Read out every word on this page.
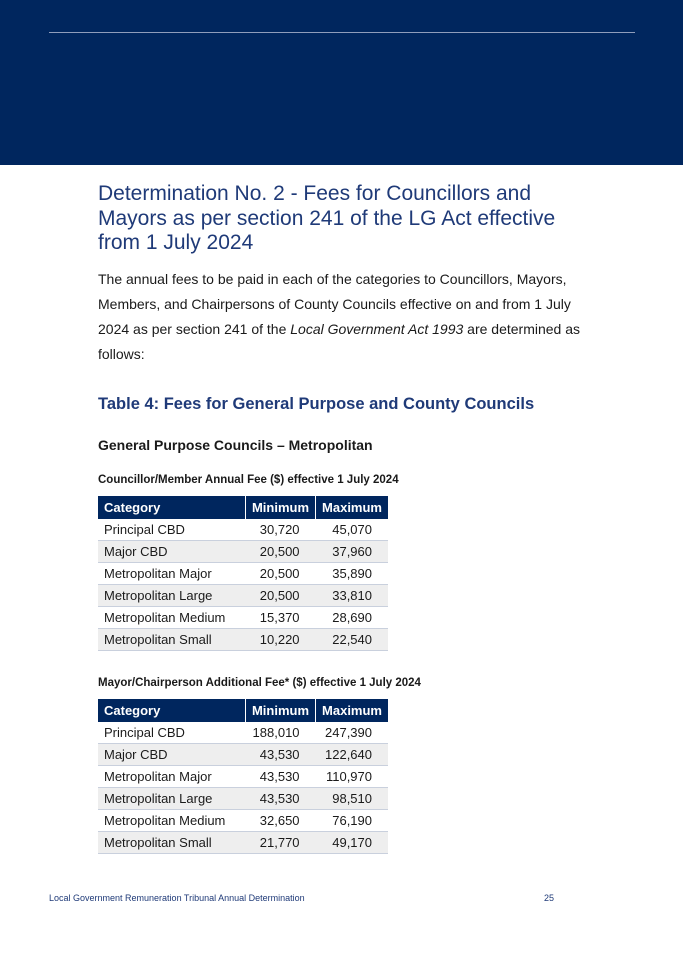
Determination No. 2 - Fees for Councillors and Mayors as per section 241 of the LG Act effective from 1 July 2024

The annual fees to be paid in each of the categories to Councillors, Mayors, Members, and Chairpersons of County Councils effective on and from 1 July 2024 as per section 241 of the Local Government Act 1993 are determined as follows:

Table 4: Fees for General Purpose and County Councils
General Purpose Councils – Metropolitan

Councillor/Member Annual Fee ($) effective 1 July 2024

Category	Minimum	Maximum
Principal CBD	30,720	45,070
Major CBD	20,500	37,960
Metropolitan Major	20,500	35,890
Metropolitan Large	20,500	33,810
Metropolitan Medium	15,370	28,690
Metropolitan Small	10,220	22,540

Mayor/Chairperson Additional Fee* ($) effective 1 July 2024

Category	Minimum	Maximum
Principal CBD	188,010	247,390
Major CBD	43,530	122,640
Metropolitan Major	43,530	110,970
Metropolitan Large	43,530	98,510
Metropolitan Medium	32,650	76,190
Metropolitan Small	21,770	49,170
Local Government Remuneration Tribunal Annual Determination	25
